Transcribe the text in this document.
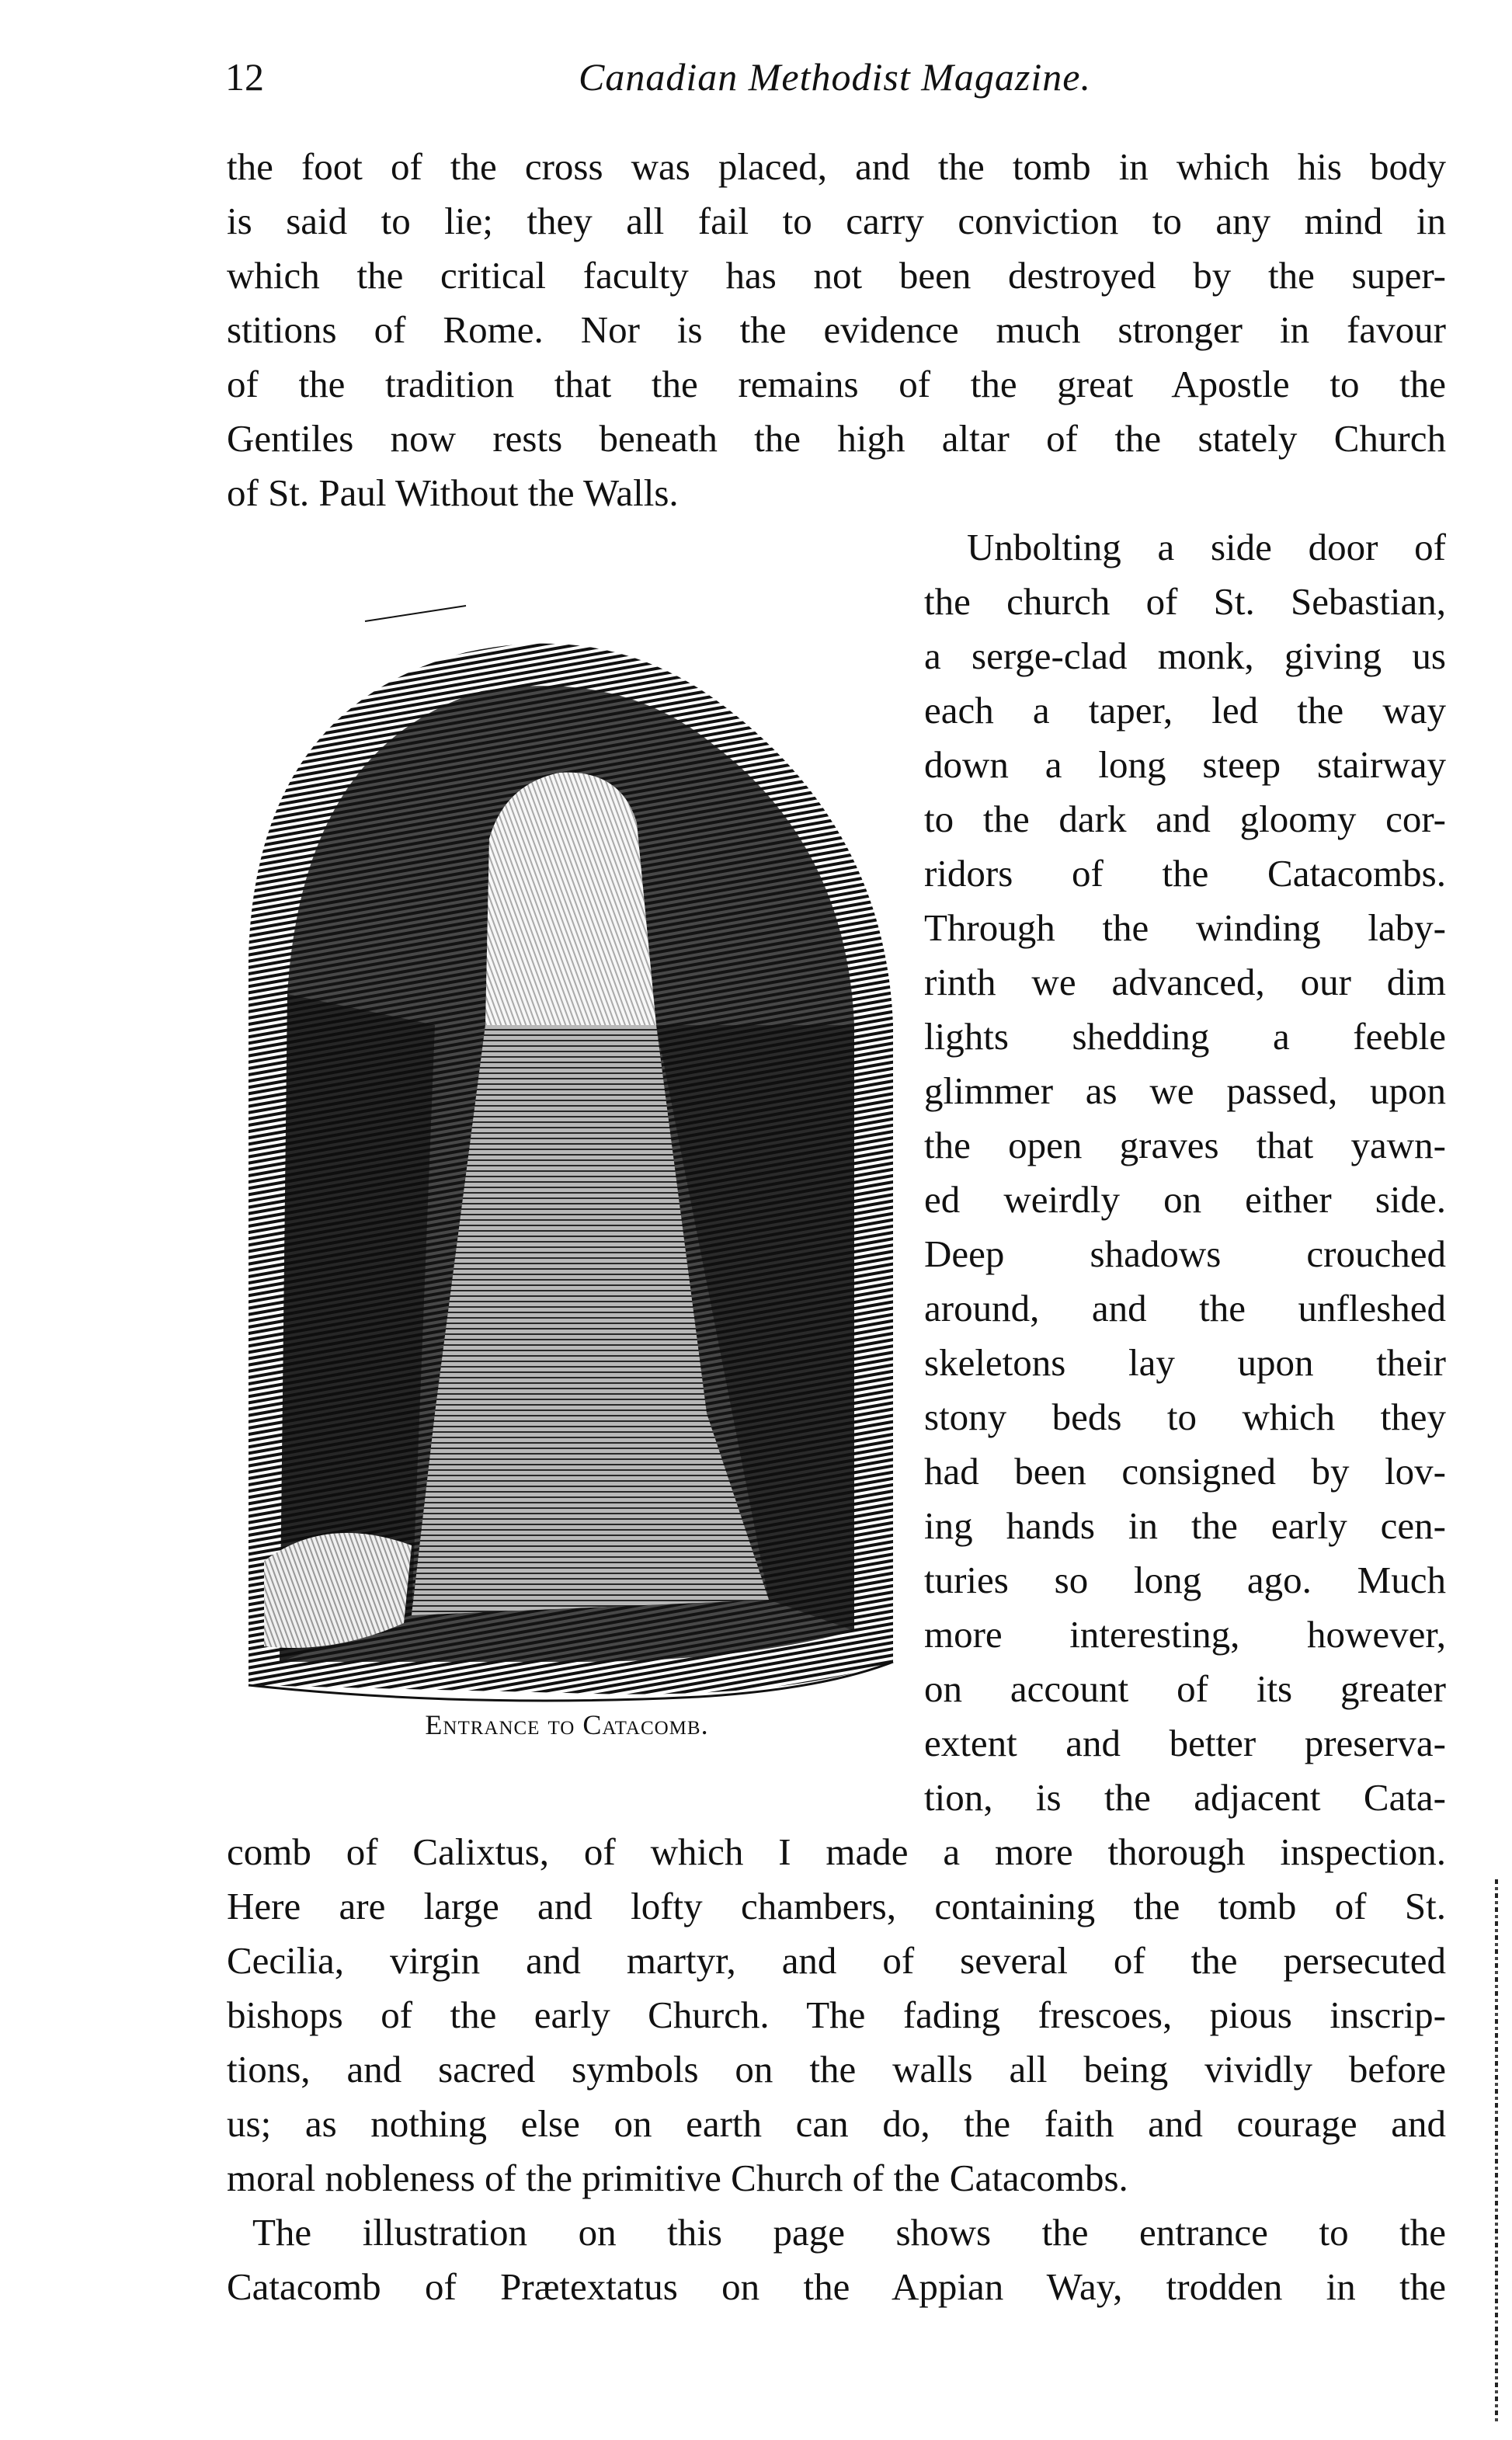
12	Canadian Methodist Magazine.
the foot of the cross was placed, and the tomb in which his body
is said to lie; they all fail to carry conviction to any mind in
which the critical faculty has not been destroyed by the super-
stitions of Rome. Nor is the evidence much stronger in favour
of the tradition that the remains of the great Apostle to the
Gentiles now rests beneath the high altar of the stately Church
of St. Paul Without the Walls.
Unbolting a side door of
the church of St. Sebastian,
a serge-clad monk, giving us
each a taper, led the way
down a long steep stairway
to the dark and gloomy cor-
ridors of the Catacombs.
Through the winding laby-
rinth we advanced, our dim
lights shedding a feeble
glimmer as we passed, upon
the open graves that yawn-
ed weirdly on either side.
Deep shadows crouched
around, and the unfleshed
skeletons lay upon their
stony beds to which they
had been consigned by lov-
ing hands in the early cen-
turies so long ago. Much
more interesting, however,
on account of its greater
extent and better preserva-
tion, is the adjacent Cata-
comb of Calixtus, of which I made a more thorough inspection.
Here are large and lofty chambers, containing the tomb of St.
Cecilia, virgin and martyr, and of several of the persecuted
bishops of the early Church. The fading frescoes, pious inscrip-
tions, and sacred symbols on the walls all being vividly before
us; as nothing else on earth can do, the faith and courage and
moral nobleness of the primitive Church of the Catacombs.
The illustration on this page shows the entrance to the
Catacomb of Prætextatus on the Appian Way, trodden in the
Entrance to Catacomb.
